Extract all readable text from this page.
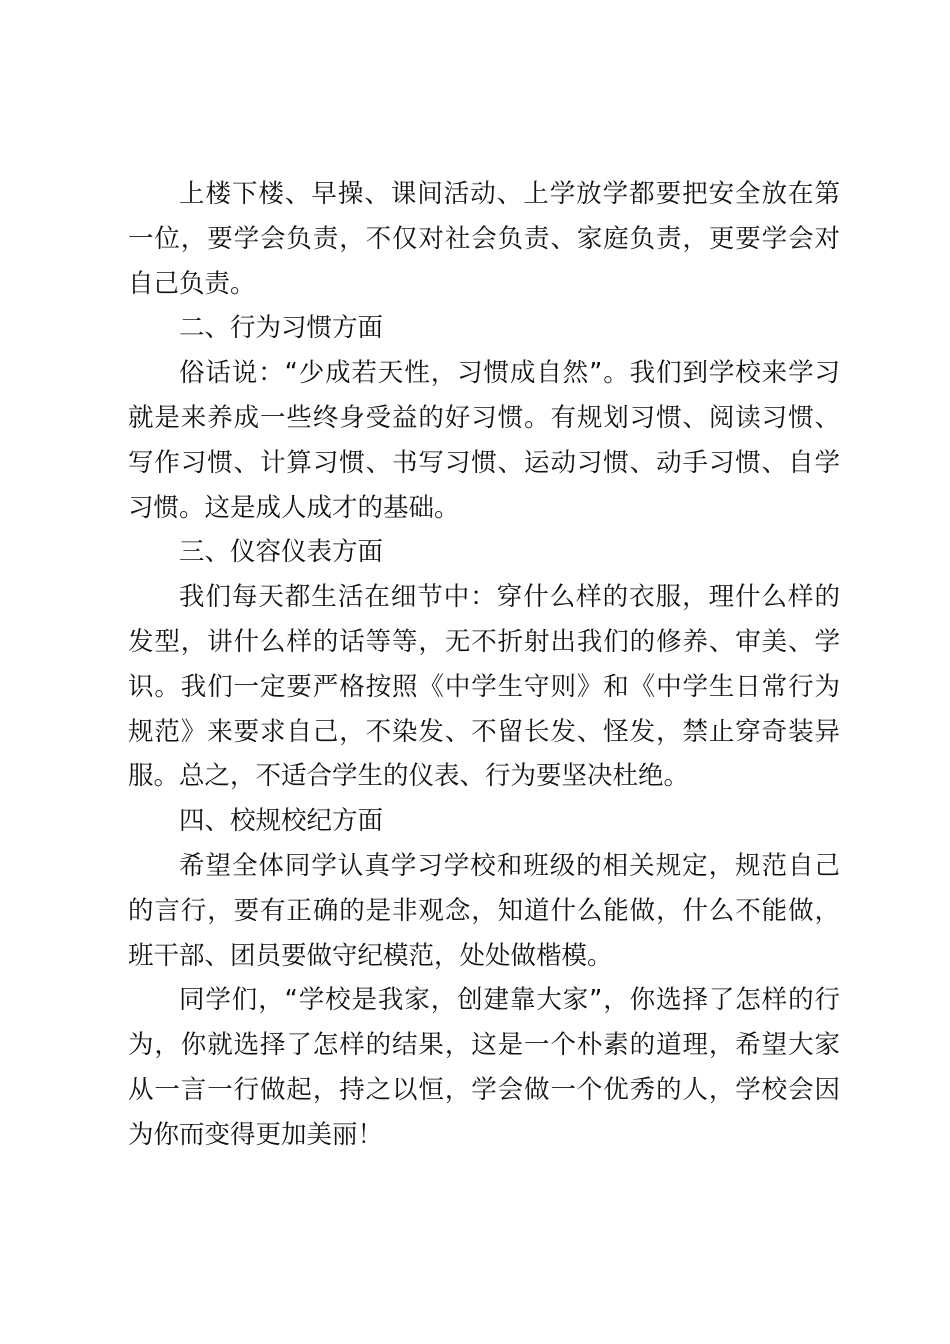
上楼下楼、早操、课间活动、上学放学都要把安全放在第一位，要学会负责，不仅对社会负责、家庭负责，更要学会对自己负责。

二、行为习惯方面

俗话说：“少成若天性，习惯成自然”。我们到学校来学习就是来养成一些终身受益的好习惯。有规划习惯、阅读习惯、写作习惯、计算习惯、书写习惯、运动习惯、动手习惯、自学习惯。这是成人成才的基础。

三、仪容仪表方面

我们每天都生活在细节中：穿什么样的衣服，理什么样的发型，讲什么样的话等等，无不折射出我们的修养、审美、学识。我们一定要严格按照《中学生守则》和《中学生日常行为规范》来要求自己，不染发、不留长发、怪发，禁止穿奇装异服。总之，不适合学生的仪表、行为要坚决杜绝。

四、校规校纪方面

希望全体同学认真学习学校和班级的相关规定，规范自己的言行，要有正确的是非观念，知道什么能做，什么不能做，班干部、团员要做守纪模范，处处做楷模。

同学们，“学校是我家，创建靠大家”，你选择了怎样的行为，你就选择了怎样的结果，这是一个朴素的道理，希望大家从一言一行做起，持之以恒，学会做一个优秀的人，学校会因为你而变得更加美丽！
